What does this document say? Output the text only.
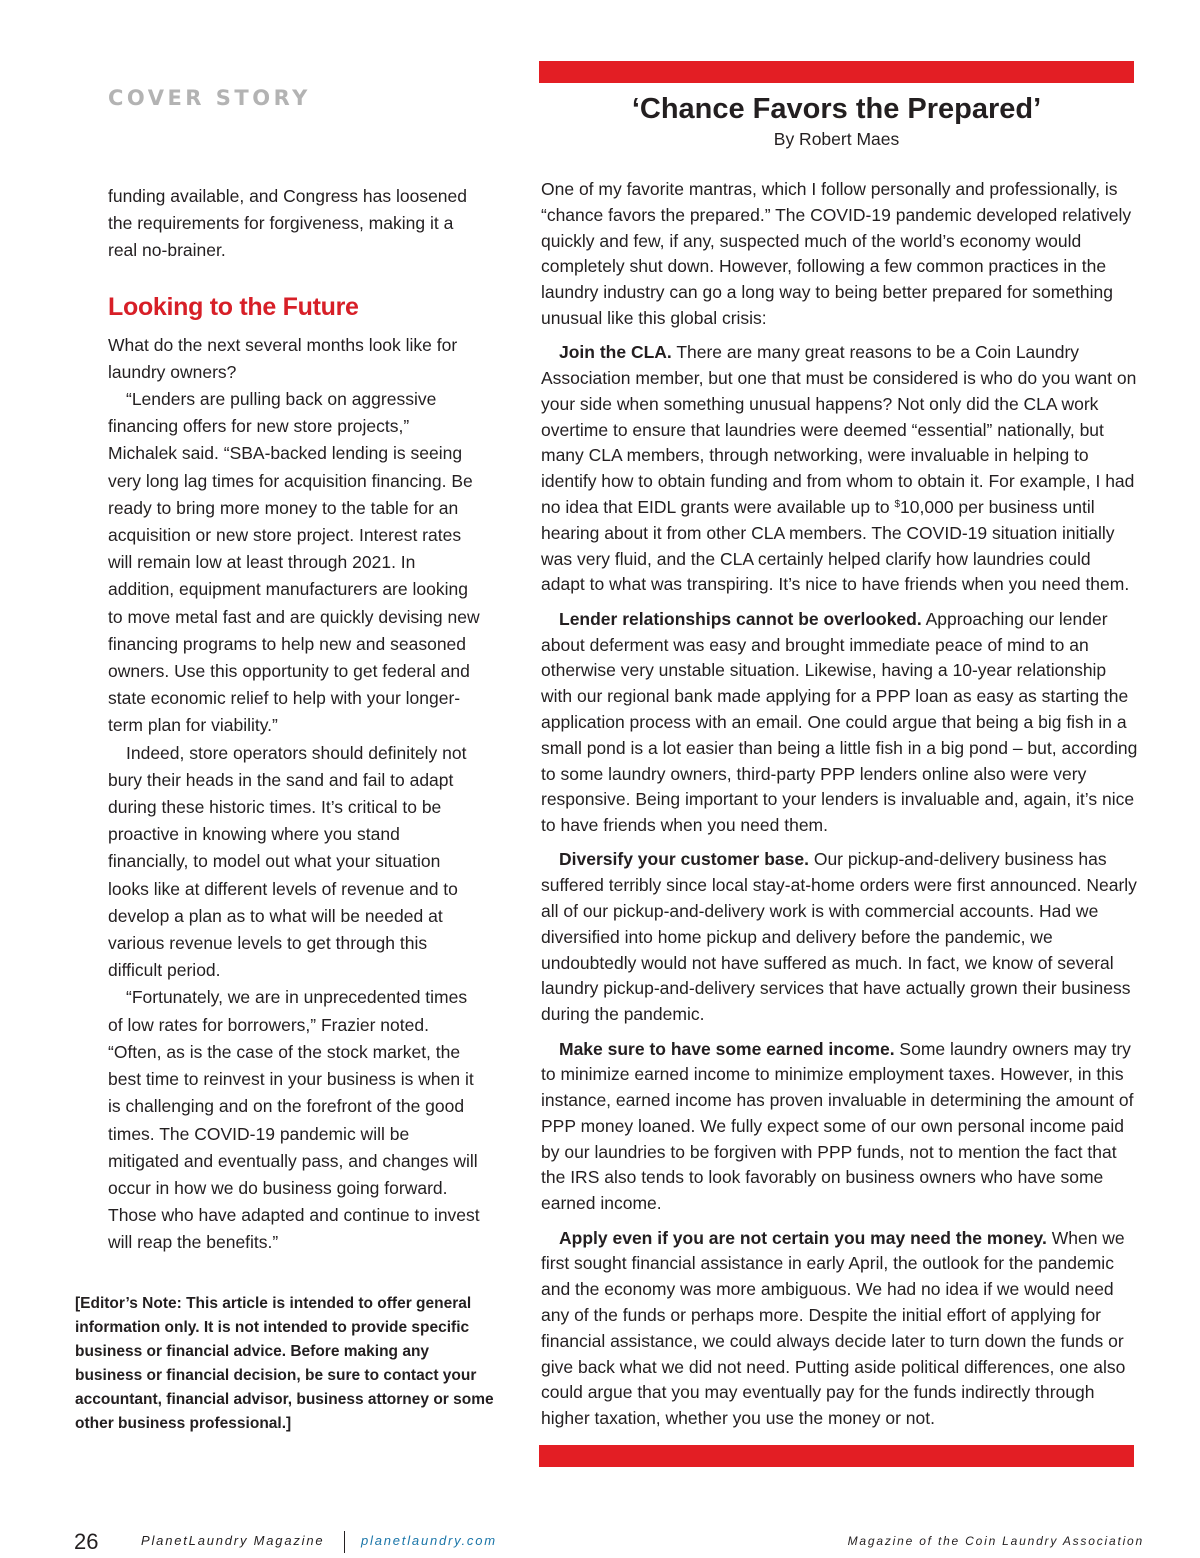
COVER STORY

funding available, and Congress has loosened the requirements for forgiveness, making it a real no-brainer.

Looking to the Future

What do the next several months look like for laundry owners?

“Lenders are pulling back on aggressive financing offers for new store projects,” Michalek said. “SBA-backed lending is seeing very long lag times for acquisition financing. Be ready to bring more money to the table for an acquisition or new store project. Interest rates will remain low at least through 2021. In addition, equipment manufacturers are looking to move metal fast and are quickly devising new financing programs to help new and seasoned owners. Use this opportunity to get federal and state economic relief to help with your longer-term plan for viability.”

Indeed, store operators should definitely not bury their heads in the sand and fail to adapt during these historic times. It’s critical to be proactive in knowing where you stand financially, to model out what your situation looks like at different levels of revenue and to develop a plan as to what will be needed at various revenue levels to get through this difficult period.

“Fortunately, we are in unprecedented times of low rates for borrowers,” Frazier noted. “Often, as is the case of the stock market, the best time to reinvest in your business is when it is challenging and on the forefront of the good times. The COVID-19 pandemic will be mitigated and eventually pass, and changes will occur in how we do business going forward. Those who have adapted and continue to invest will reap the benefits.”

[Editor’s Note: This article is intended to offer general information only. It is not intended to provide specific business or financial advice. Before making any business or financial decision, be sure to contact your accountant, financial advisor, business attorney or some other business professional.]
‘Chance Favors the Prepared’
By Robert Maes

One of my favorite mantras, which I follow personally and professionally, is “chance favors the prepared.” The COVID-19 pandemic developed relatively quickly and few, if any, suspected much of the world’s economy would completely shut down. However, following a few common practices in the laundry industry can go a long way to being better prepared for something unusual like this global crisis:

Join the CLA. There are many great reasons to be a Coin Laundry Association member, but one that must be considered is who do you want on your side when something unusual happens? Not only did the CLA work overtime to ensure that laundries were deemed “essential” nationally, but many CLA members, through networking, were invaluable in helping to identify how to obtain funding and from whom to obtain it. For example, I had no idea that EIDL grants were available up to $10,000 per business until hearing about it from other CLA members. The COVID-19 situation initially was very fluid, and the CLA certainly helped clarify how laundries could adapt to what was transpiring. It’s nice to have friends when you need them.

Lender relationships cannot be overlooked. Approaching our lender about deferment was easy and brought immediate peace of mind to an otherwise very unstable situation. Likewise, having a 10-year relationship with our regional bank made applying for a PPP loan as easy as starting the application process with an email. One could argue that being a big fish in a small pond is a lot easier than being a little fish in a big pond – but, according to some laundry owners, third-party PPP lenders online also were very responsive. Being important to your lenders is invaluable and, again, it’s nice to have friends when you need them.

Diversify your customer base. Our pickup-and-delivery business has suffered terribly since local stay-at-home orders were first announced. Nearly all of our pickup-and-delivery work is with commercial accounts. Had we diversified into home pickup and delivery before the pandemic, we undoubtedly would not have suffered as much. In fact, we know of several laundry pickup-and-delivery services that have actually grown their business during the pandemic.

Make sure to have some earned income. Some laundry owners may try to minimize earned income to minimize employment taxes. However, in this instance, earned income has proven invaluable in determining the amount of PPP money loaned. We fully expect some of our own personal income paid by our laundries to be forgiven with PPP funds, not to mention the fact that the IRS also tends to look favorably on business owners who have some earned income.

Apply even if you are not certain you may need the money. When we first sought financial assistance in early April, the outlook for the pandemic and the economy was more ambiguous. We had no idea if we would need any of the funds or perhaps more. Despite the initial effort of applying for financial assistance, we could always decide later to turn down the funds or give back what we did not need. Putting aside political differences, one also could argue that you may eventually pay for the funds indirectly through higher taxation, whether you use the money or not.

26	PlanetLaundry Magazine	planetlaundry.com	Magazine of the Coin Laundry Association
